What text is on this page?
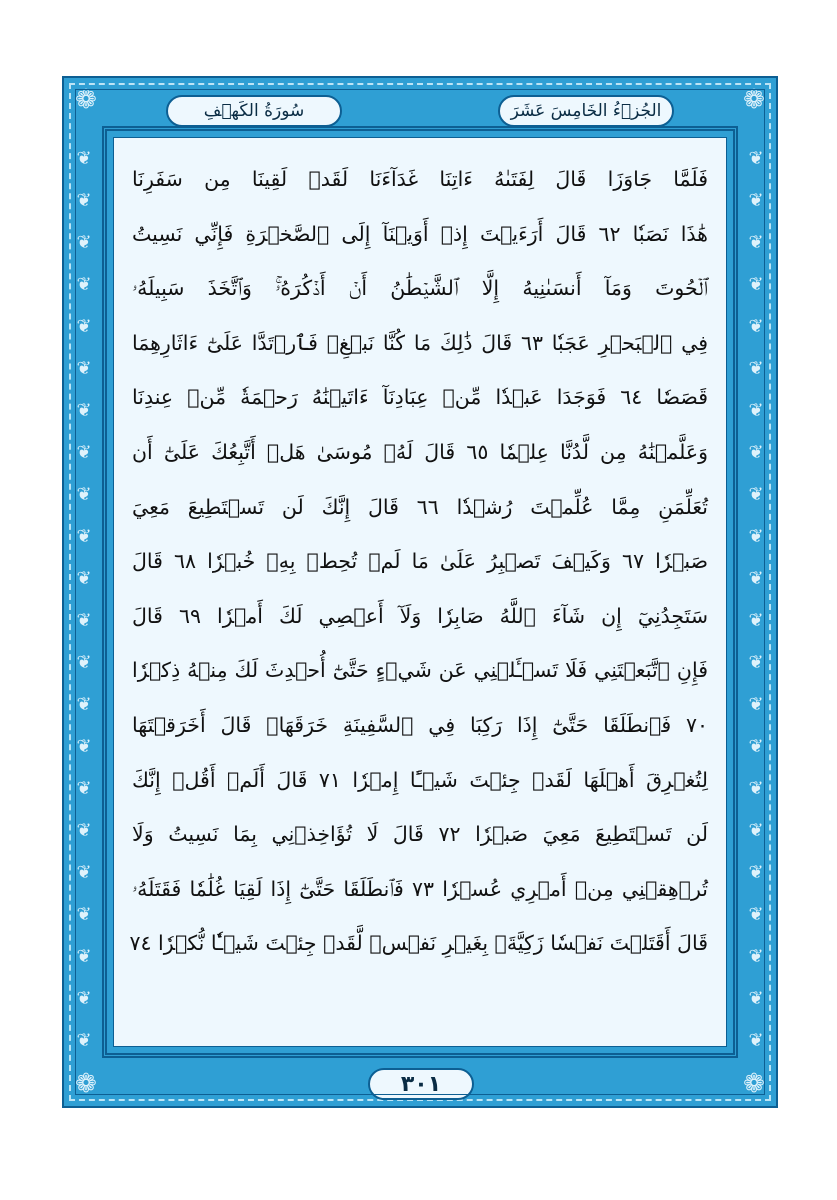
❁	❁
❁	❁
❦
❦
❦
❦
❦
❦
❦
❦
❦
❦
❦
❦
❦
❦
❦
❦
❦
❦
❦
❦
❦
❦
❦
❦
❦
❦
❦
❦
❦
❦
❦
❦
❦
❦
❦
❦
❦
❦
❦
❦
❦
❦
❦
❦
سُورَةُ الكَهۡفِ	الجُزۡءُ الخَامِسَ عَشَرَ
فَلَمَّا جَاوَزَا قَالَ لِفَتَىٰهُ ءَاتِنَا غَدَآءَنَا لَقَدۡ لَقِينَا مِن سَفَرِنَا
هَٰذَا نَصَبٗا ٦٢ قَالَ أَرَءَيۡتَ إِذۡ أَوَيۡنَآ إِلَى ٱلصَّخۡرَةِ فَإِنِّي نَسِيتُ
ٱلۡحُوتَ وَمَآ أَنسَىٰنِيهُ إِلَّا ٱلشَّيۡطَٰنُ أَنۡ أَذۡكُرَهُۥۚ وَٱتَّخَذَ سَبِيلَهُۥ
فِي ٱلۡبَحۡرِ عَجَبٗا ٦٣ قَالَ ذَٰلِكَ مَا كُنَّا نَبۡغِۚ فَٱرۡتَدَّا عَلَىٰٓ ءَاثَارِهِمَا
قَصَصٗا ٦٤ فَوَجَدَا عَبۡدٗا مِّنۡ عِبَادِنَآ ءَاتَيۡنَٰهُ رَحۡمَةٗ مِّنۡ عِندِنَا
وَعَلَّمۡنَٰهُ مِن لَّدُنَّا عِلۡمٗا ٦٥ قَالَ لَهُۥ مُوسَىٰ هَلۡ أَتَّبِعُكَ عَلَىٰٓ أَن
تُعَلِّمَنِ مِمَّا عُلِّمۡتَ رُشۡدٗا ٦٦ قَالَ إِنَّكَ لَن تَسۡتَطِيعَ مَعِيَ
صَبۡرٗا ٦٧ وَكَيۡفَ تَصۡبِرُ عَلَىٰ مَا لَمۡ تُحِطۡ بِهِۦ خُبۡرٗا ٦٨ قَالَ
سَتَجِدُنِيٓ إِن شَآءَ ٱللَّهُ صَابِرٗا وَلَآ أَعۡصِي لَكَ أَمۡرٗا ٦٩ قَالَ
فَإِنِ ٱتَّبَعۡتَنِي فَلَا تَسۡـَٔلۡنِي عَن شَيۡءٍ حَتَّىٰٓ أُحۡدِثَ لَكَ مِنۡهُ ذِكۡرٗا
٧٠ فَٱنطَلَقَا حَتَّىٰٓ إِذَا رَكِبَا فِي ٱلسَّفِينَةِ خَرَقَهَاۖ قَالَ أَخَرَقۡتَهَا
لِتُغۡرِقَ أَهۡلَهَا لَقَدۡ جِئۡتَ شَيۡـًٔا إِمۡرٗا ٧١ قَالَ أَلَمۡ أَقُلۡ إِنَّكَ
لَن تَسۡتَطِيعَ مَعِيَ صَبۡرٗا ٧٢ قَالَ لَا تُؤَاخِذۡنِي بِمَا نَسِيتُ وَلَا
تُرۡهِقۡنِي مِنۡ أَمۡرِي عُسۡرٗا ٧٣ فَٱنطَلَقَا حَتَّىٰٓ إِذَا لَقِيَا غُلَٰمٗا فَقَتَلَهُۥ
قَالَ أَقَتَلۡتَ نَفۡسٗا زَكِيَّةَۢ بِغَيۡرِ نَفۡسٖ لَّقَدۡ جِئۡتَ شَيۡـٔٗا نُّكۡرٗا ٧٤
٣٠١
